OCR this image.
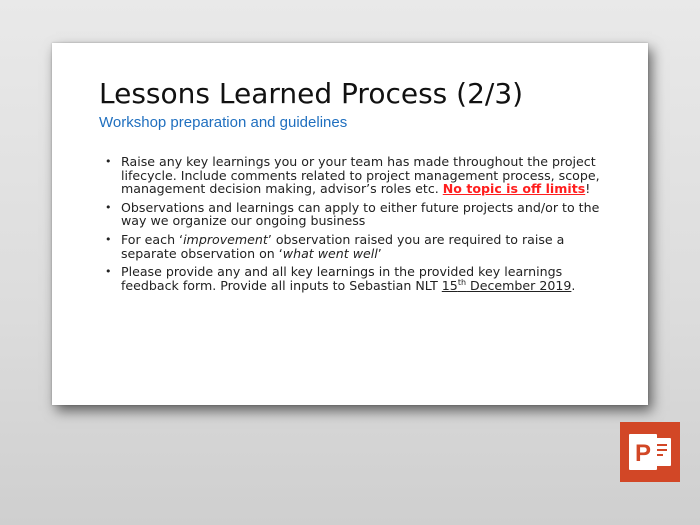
Lessons Learned Process (2/3)
Workshop preparation and guidelines
• Raise any key learnings you or your team has made throughout the project lifecycle. Include comments related to project management process, scope, management decision making, advisor’s roles etc. No topic is off limits!
• Observations and learnings can apply to either future projects and/or to the way we organize our ongoing business
• For each ‘improvement’ observation raised you are required to raise a separate observation on ‘what went well’
• Please provide any and all key learnings in the provided key learnings feedback form. Provide all inputs to Sebastian NLT 15th December 2019.
P
